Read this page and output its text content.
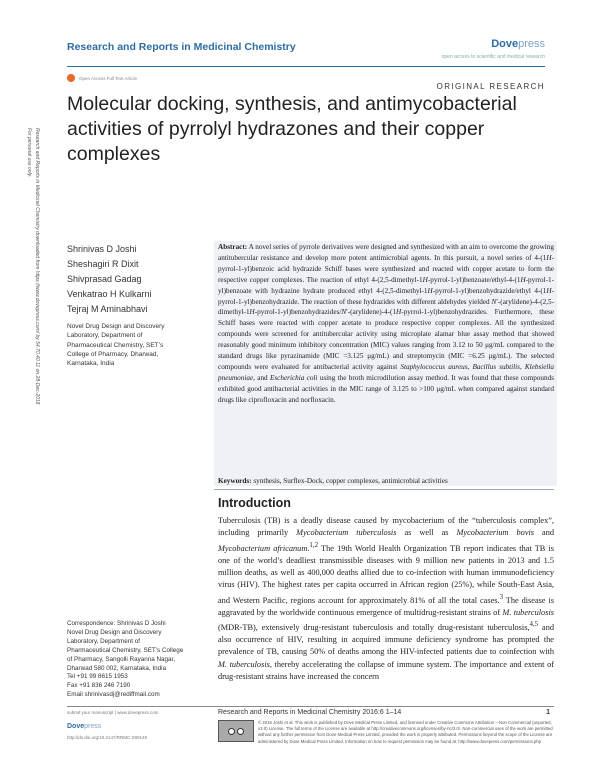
Research and Reports in Medicinal Chemistry	Dovepress
open access to scientific and medical research
Open Access Full Text Article
ORIGINAL RESEARCH
Molecular docking, synthesis, and antimycobacterial activities of pyrrolyl hydrazones and their copper complexes
Research and Reports in Medicinal Chemistry downloaded from https://www.dovepress.com/ by 54.70.40.11 on 28-Dec-2018
For personal use only.
Shrinivas D Joshi
Sheshagiri R Dixit
Shivprasad Gadag
Venkatrao H Kulkarni
Tejraj M Aminabhavi
Novel Drug Design and Discovery Laboratory, Department of Pharmaceutical Chemistry, SET’s College of Pharmacy, Dharwad, Karnataka, India
Abstract: A novel series of pyrrole derivatives were designed and synthesized with an aim to overcome the growing antitubercular resistance and develop more potent antimicrobial agents. In this pursuit, a novel series of 4-(1H-pyrrol-1-yl)benzoic acid hydrazide Schiff bases were synthesized and reacted with copper acetate to form the respective copper complexes. The reaction of ethyl 4-(2,5-dimethyl-1H-pyrrol-1-yl)benzoate/ethyl-4-(1H-pyrrol-1-yl)benzoate with hydrazine hydrate produced ethyl 4-(2,5-dimethyl-1H-pyrrol-1-yl)benzohydrazide/ethyl 4-(1H-pyrrol-1-yl)benzohydrazide. The reaction of these hydrazides with different aldehydes yielded N′-(arylidene)-4-(2,5-dimethyl-1H-pyrrol-1-yl)benzohydrazides/N′-(arylidene)-4-(1H-pyrrol-1-yl)benzohydrazides. Furthermore, these Schiff bases were reacted with copper acetate to produce respective copper complexes. All the synthesized compounds were screened for antitubercular activity using microplate alamar blue assay method that showed reasonably good minimum inhibitory concentration (MIC) values ranging from 3.12 to 50 μg/mL compared to the standard drugs like pyrazinamide (MIC =3.125 μg/mL) and streptomycin (MIC =6.25 μg/mL). The selected compounds were evaluated for antibacterial activity against Staphylococcus aureus, Bacillus subtilis, Klebsiella pneumoniae, and Escherichia coli using the broth microdilution assay method. It was found that these compounds exhibited good antibacterial activities in the MIC range of 3.125 to >100 μg/mL when compared against standard drugs like ciprofloxacin and norfloxacin.
Keywords: synthesis, Surflex-Dock, copper complexes, antimicrobial activities
Introduction
Tuberculosis (TB) is a deadly disease caused by mycobacterium of the “tuberculosis complex”, including primarily Mycobacterium tuberculosis as well as Mycobacterium bovis and Mycobacterium africanum.$^{1,2}$ The 19th World Health Organization TB report indicates that TB is one of the world’s deadliest transmissible diseases with 9 million new patients in 2013 and 1.5 million deaths, as well as 400,000 deaths allied due to co-infection with human immunodeficiency virus (HIV). The highest rates per capita occurred in African region (25%), while South-East Asia, and Western Pacific, regions account for approximately 81% of all the total cases.$^3$ The disease is aggravated by the worldwide continuous emergence of multidrug-resistant strains of M. tuberculosis (MDR-TB), extensively drug-resistant tuberculosis and totally drug-resistant tuberculosis,$^{4,5}$ and also occurrence of HIV, resulting in acquired immune deficiency syndrome has prompted the prevalence of TB, causing 50% of deaths among the HIV-infected patients due to coinfection with M. tuberculosis, thereby accelerating the collapse of immune system. The importance and extent of drug-resistant strains have increased the concern
Correspondence: Shrinivas D Joshi
Novel Drug Design and Discovery
Laboratory, Department of
Pharmaceutical Chemistry, SET’s College
of Pharmacy, Sangolli Rayanna Nagar,
Dharwad 580 002, Karnataka, India
Tel +91 99 8615 1953
Fax +91 836 246 7190
Email shrinivasdj@rediffmail.com
submit your manuscript | www.dovepress.com
Dovepress
http://dx.doi.org/10.2147/RRMC.S90149
Research and Reports in Medicinal Chemistry 2016:6 1–14	1
© 2016 Joshi et al. This work is published by Dove Medical Press Limited, and licensed under Creative Commons Attribution – Non Commercial (unported, v3.0) License. The full terms of the License are available at http://creativecommons.org/licenses/by-nc/3.0/. Non-commercial uses of the work are permitted without any further permission from Dove Medical Press Limited, provided the work is properly attributed. Permissions beyond the scope of the License are administered by Dove Medical Press Limited. Information on how to request permission may be found at: http://www.dovepress.com/permissions.php
